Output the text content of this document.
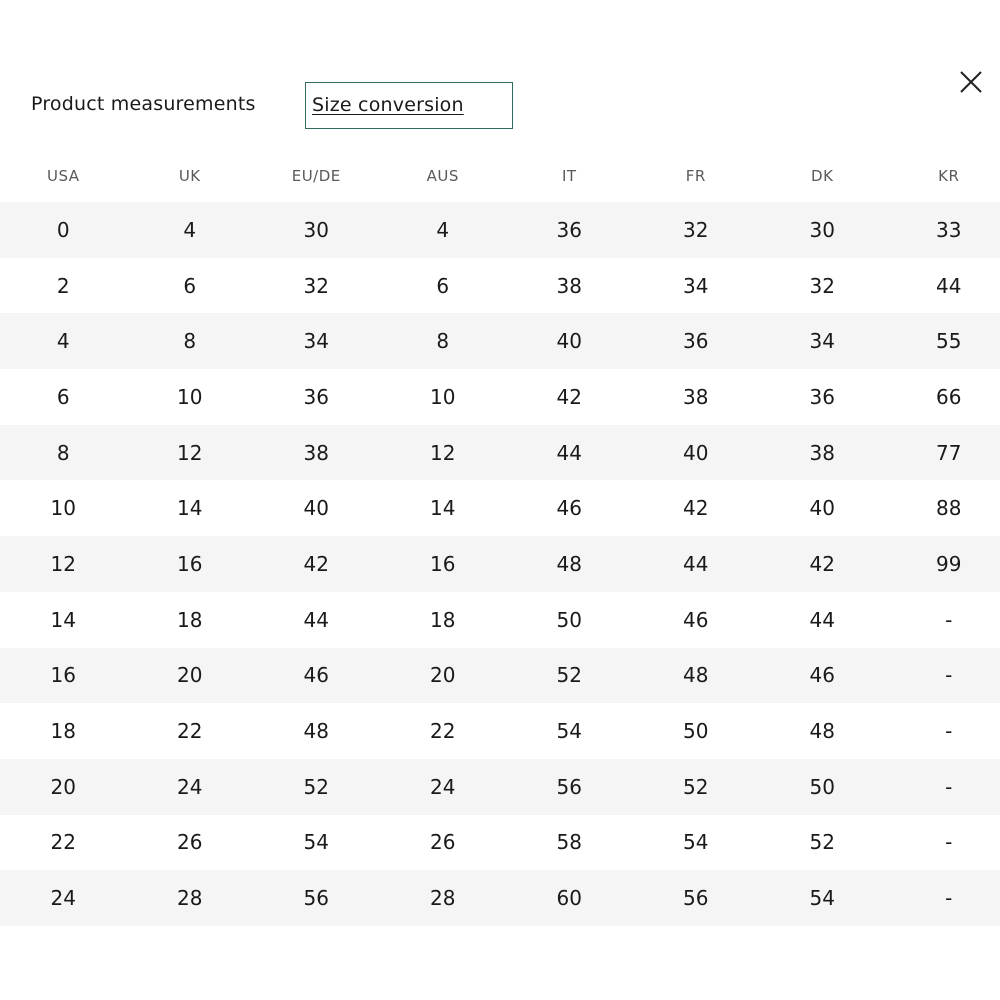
Product measurements	Size conversion
USA	UK	EU/DE	AUS	IT	FR	DK	KR
0	4	30	4	36	32	30	33
2	6	32	6	38	34	32	44
4	8	34	8	40	36	34	55
6	10	36	10	42	38	36	66
8	12	38	12	44	40	38	77
10	14	40	14	46	42	40	88
12	16	42	16	48	44	42	99
14	18	44	18	50	46	44	-
16	20	46	20	52	48	46	-
18	22	48	22	54	50	48	-
20	24	52	24	56	52	50	-
22	26	54	26	58	54	52	-
24	28	56	28	60	56	54	-
